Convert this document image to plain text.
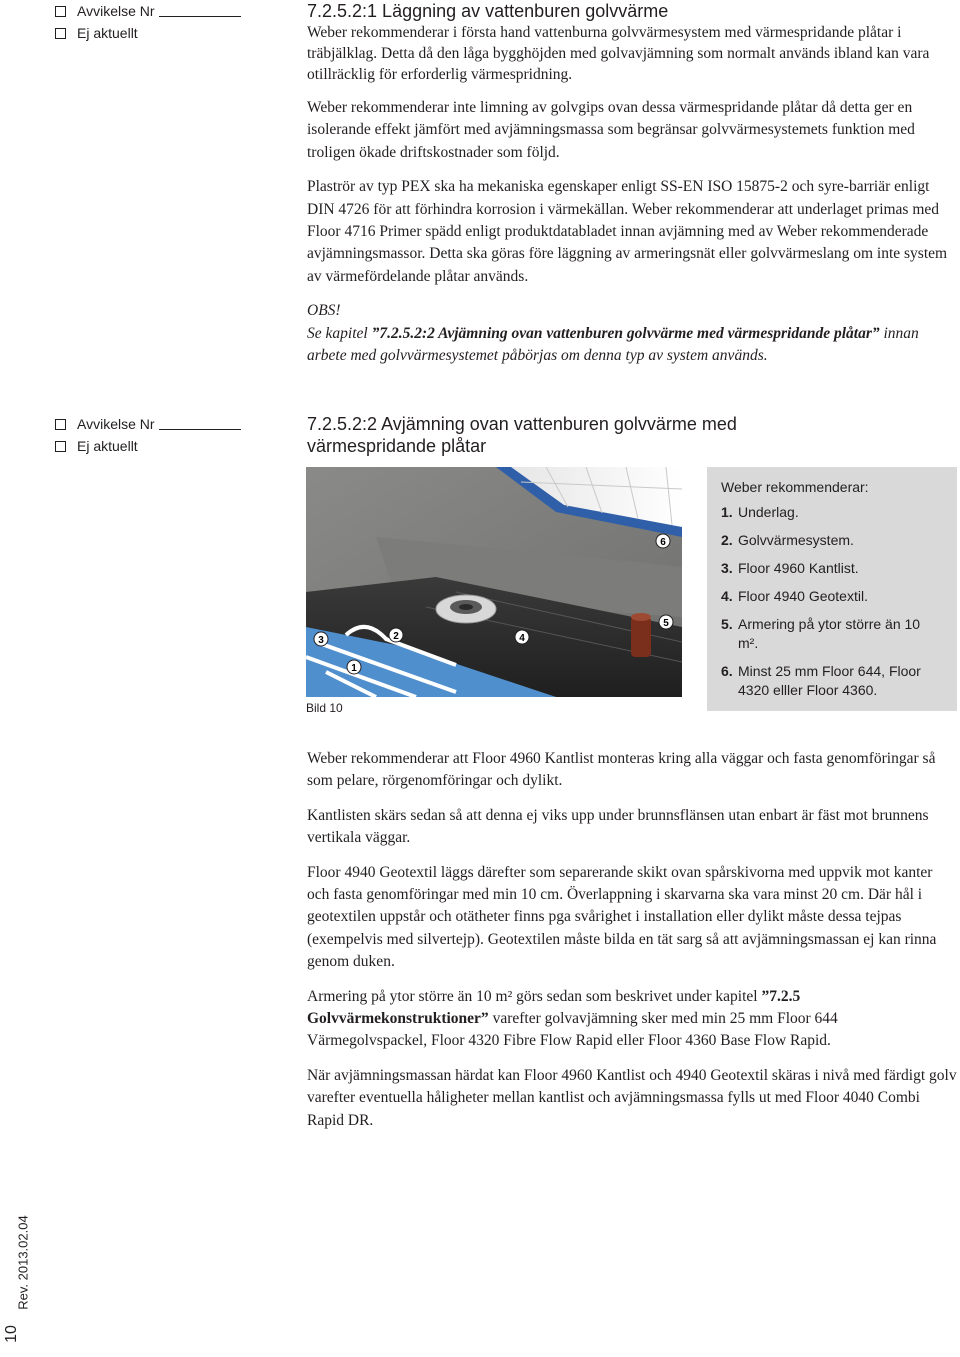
Avvikelse Nr
Ej aktuellt
7.2.5.2:1 Läggning av vattenburen golvvärme

Weber rekommenderar i första hand vattenburna golvvärmesystem med värmespridande plåtar i träbjälklag. Detta då den låga bygghöjden med golvavjämning som normalt används ibland kan vara otillräcklig för erforderlig värmespridning.

Weber rekommenderar inte limning av golvgips ovan dessa värmespridande plåtar då detta ger en isolerande effekt jämfört med avjämningsmassa som begränsar golvvärmesystemets funktion med troligen ökade driftskostnader som följd.

Plaströr av typ PEX ska ha mekaniska egenskaper enligt SS-EN ISO 15875-2 och syre-barriär enligt DIN 4726 för att förhindra korrosion i värmekällan. Weber rekommenderar att underlaget primas med Floor 4716 Primer spädd enligt produktdatabladet innan avjämning med av Weber rekommenderade avjämningsmassor. Detta ska göras före läggning av armeringsnät eller golvvärmeslang om inte system av värmefördelande plåtar används.

OBS!

Se kapitel ”7.2.5.2:2 Avjämning ovan vattenburen golvvärme med värmespridande plåtar” innan arbete med golvvärmesystemet påbörjas om denna typ av system används.

Avvikelse Nr
Ej aktuellt
7.2.5.2:2 Avjämning ovan vattenburen golvvärme med värmespridande plåtar
1
2
3	4
5
6
Bild 10
Weber rekommenderar:
1. Underlag.
2. Golvvärmesystem.
3. Floor 4960 Kantlist.
4. Floor 4940 Geotextil.
5. Armering på ytor större än 10 m².
6. Minst 25 mm Floor 644, Floor 4320 elller Floor 4360.

Weber rekommenderar att Floor 4960 Kantlist monteras kring alla väggar och fasta genomföringar så som pelare, rörgenomföringar och dylikt.

Kantlisten skärs sedan så att denna ej viks upp under brunnsflänsen utan enbart är fäst mot brunnens vertikala väggar.

Floor 4940 Geotextil läggs därefter som separerande skikt ovan spårskivorna med uppvik mot kanter och fasta genomföringar med min 10 cm. Överlappning i skarvarna ska vara minst 20 cm. Där hål i geotextilen uppstår och otätheter finns pga svårighet i installation eller dylikt måste dessa tejpas (exempelvis med silvertejp). Geotextilen måste bilda en tät sarg så att avjämningsmassan ej kan rinna genom duken.

Armering på ytor större än 10 m² görs sedan som beskrivet under kapitel ”7.2.5 Golvvärmekonstruktioner” varefter golvavjämning sker med min 25 mm Floor 644 Värmegolvspackel, Floor 4320 Fibre Flow Rapid eller Floor 4360 Base Flow Rapid.

När avjämningsmassan härdat kan Floor 4960 Kantlist och 4940 Geotextil skäras i nivå med färdigt golv varefter eventuella håligheter mellan kantlist och avjämningsmassa fylls ut med Floor 4040 Combi Rapid DR.

Rev. 2013.02.04
10
